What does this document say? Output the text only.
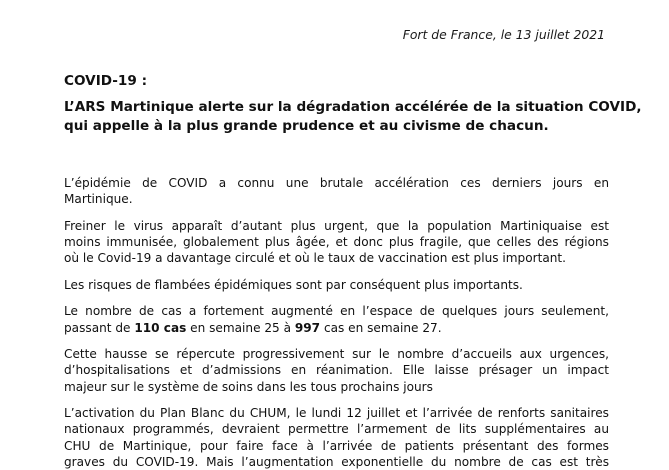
Fort de France, le 13 juillet 2021
COVID-19 :
L’ARS Martinique alerte sur la dégradation accélérée de la situation COVID,
qui appelle à la plus grande prudence et au civisme de chacun.

L’épidémie de COVID a connu une brutale accélération ces derniers jours en
Martinique.

Freiner le virus apparaît d’autant plus urgent, que la population Martiniquaise est
moins immunisée, globalement plus âgée, et donc plus fragile, que celles des régions
où le Covid-19 a davantage circulé et où le taux de vaccination est plus important.

Les risques de flambées épidémiques sont par conséquent plus importants.

Le nombre de cas a fortement augmenté en l’espace de quelques jours seulement,
passant de 110 cas en semaine 25 à 997 cas en semaine 27.

Cette hausse se répercute progressivement sur le nombre d’accueils aux urgences,
d’hospitalisations et d’admissions en réanimation. Elle laisse présager un impact
majeur sur le système de soins dans les tous prochains jours

L’activation du Plan Blanc du CHUM, le lundi 12 juillet et l’arrivée de renforts sanitaires
nationaux programmés, devraient permettre l’armement de lits supplémentaires au
CHU de Martinique, pour faire face à l’arrivée de patients présentant des formes
graves du COVID-19. Mais l’augmentation exponentielle du nombre de cas est très
